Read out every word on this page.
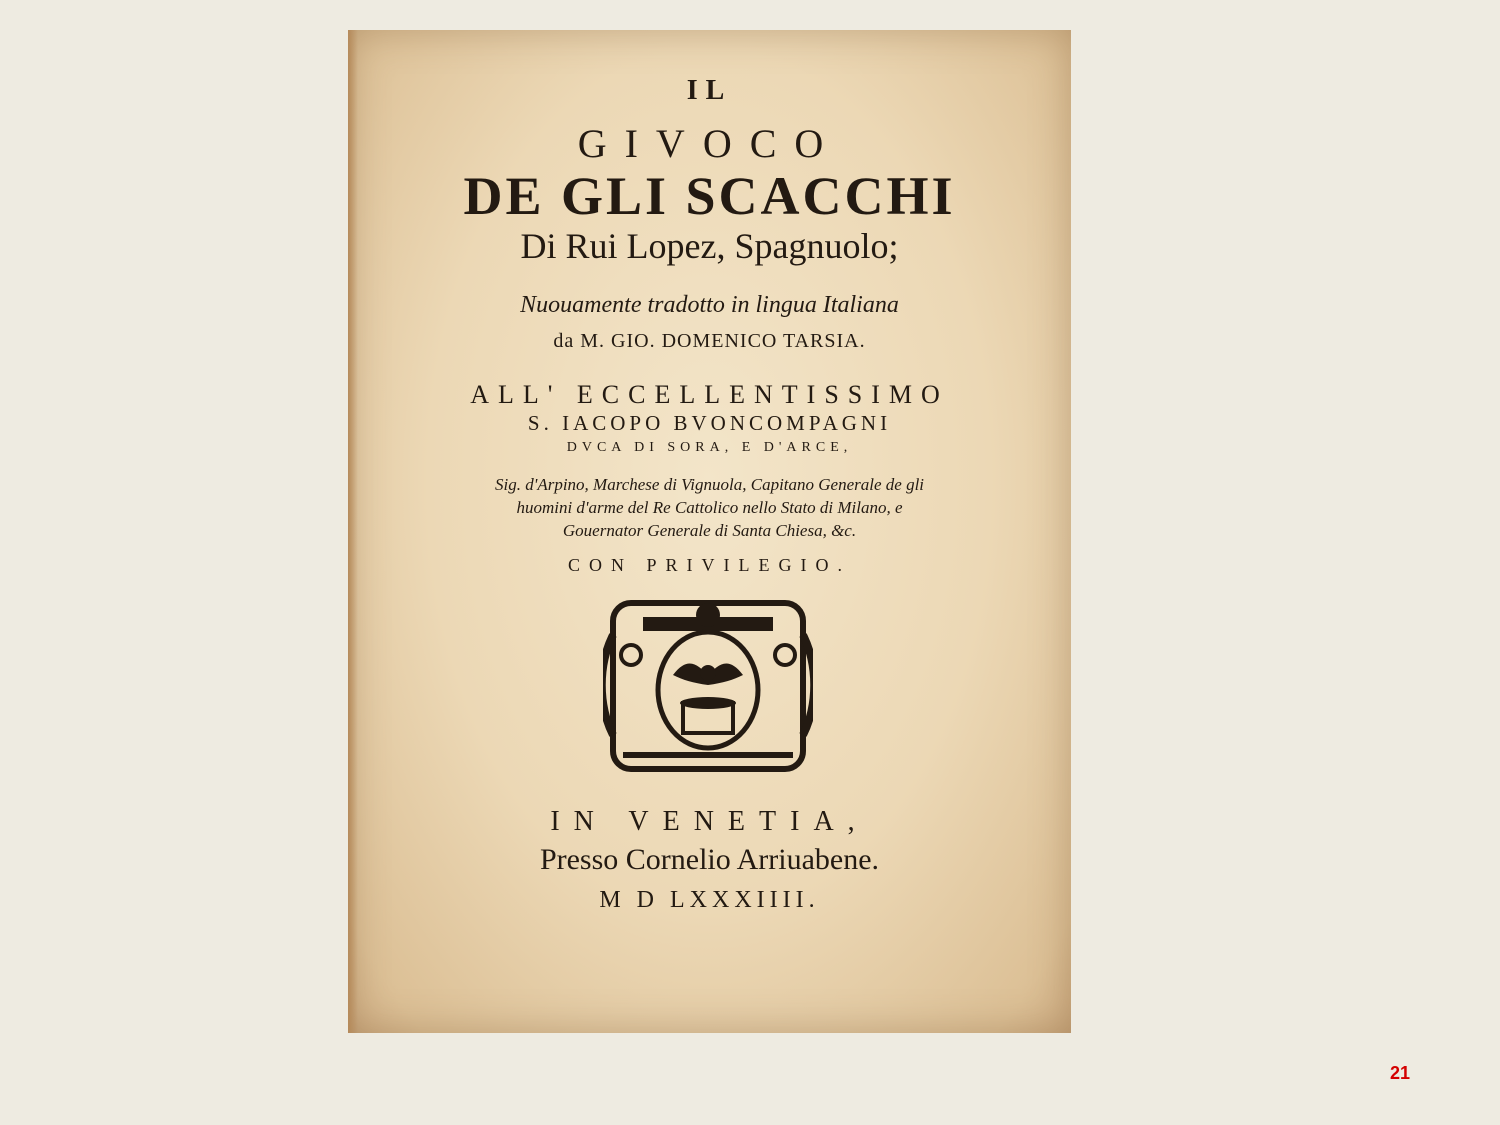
IL
GIVOCO
DE GLI SCACCHI
Di Rui Lopez, Spagnuolo;
Nuouamente tradotto in lingua Italiana
da M. GIO. DOMENICO TARSIA.
ALL' ECCELLENTISSIMO
S. IACOPO BVONCOMPAGNI
DVCA DI SORA, E D'ARCE,
Sig. d'Arpino, Marchese di Vignuola, Capitano Generale de gli
huomini d'arme del Re Cattolico nello Stato di Milano, e
Gouernator Generale di Santa Chiesa, &c.
CON PRIVILEGIO.
IN VENETIA,
Presso Cornelio Arriuabene.
M D LXXXIIII.
21
